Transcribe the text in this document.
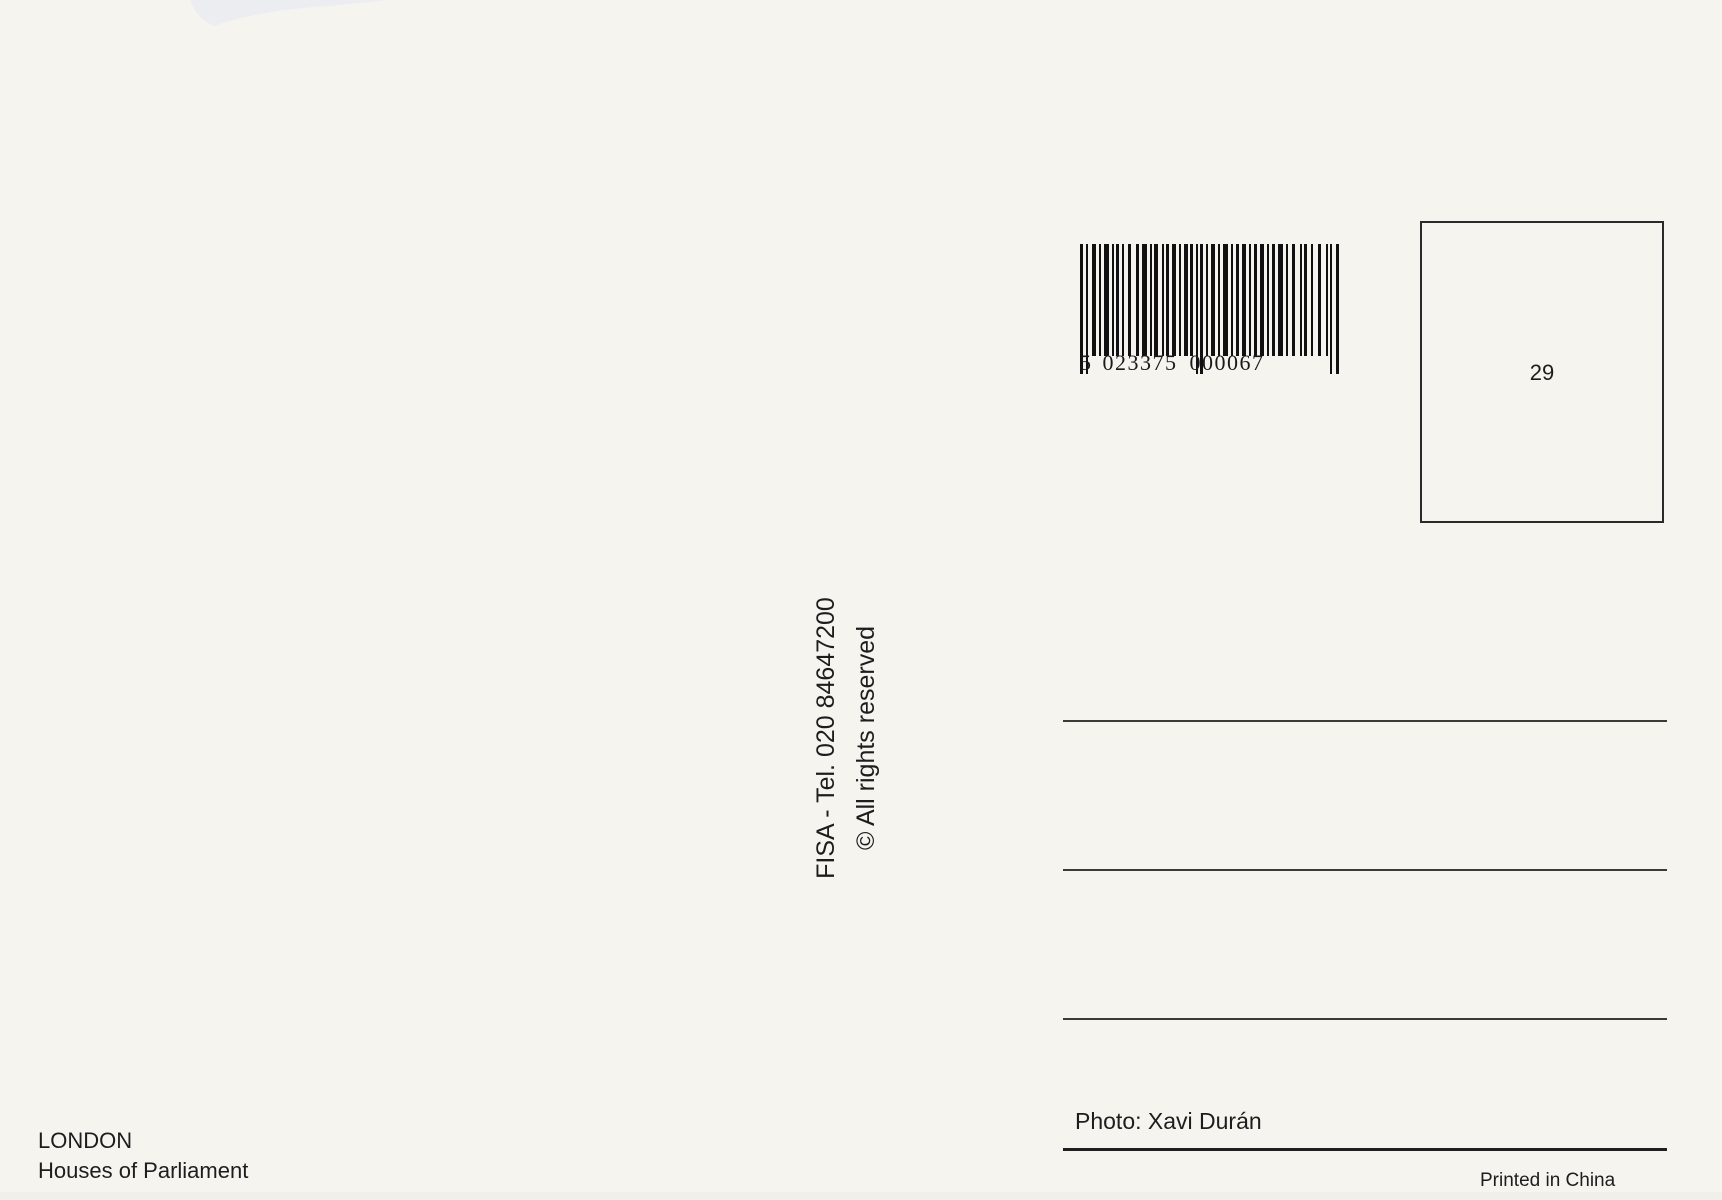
5 023375 000067	29
FISA - Tel. 020 84647200 © All rights reserved
Photo: Xavi Durán
Printed in China
LONDON
Houses of Parliament
